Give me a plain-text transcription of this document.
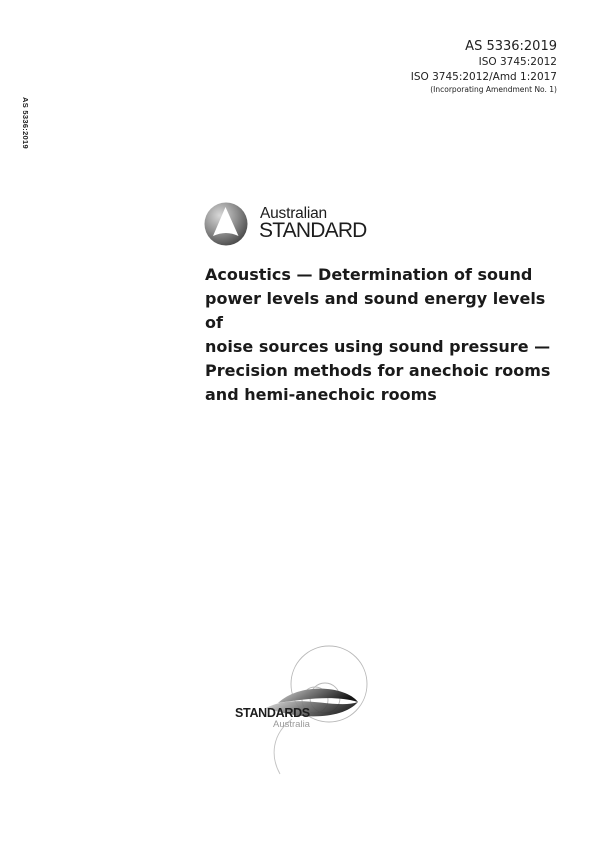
AS 5336:2019
AS 5336:2019
ISO 3745:2012
ISO 3745:2012/Amd 1:2017
(Incorporating Amendment No. 1)
Australian
STANDARD
Acoustics — Determination of sound
power levels and sound energy levels of
noise sources using sound pressure —
Precision methods for anechoic rooms
and hemi-anechoic rooms
STANDARDS
Australia
